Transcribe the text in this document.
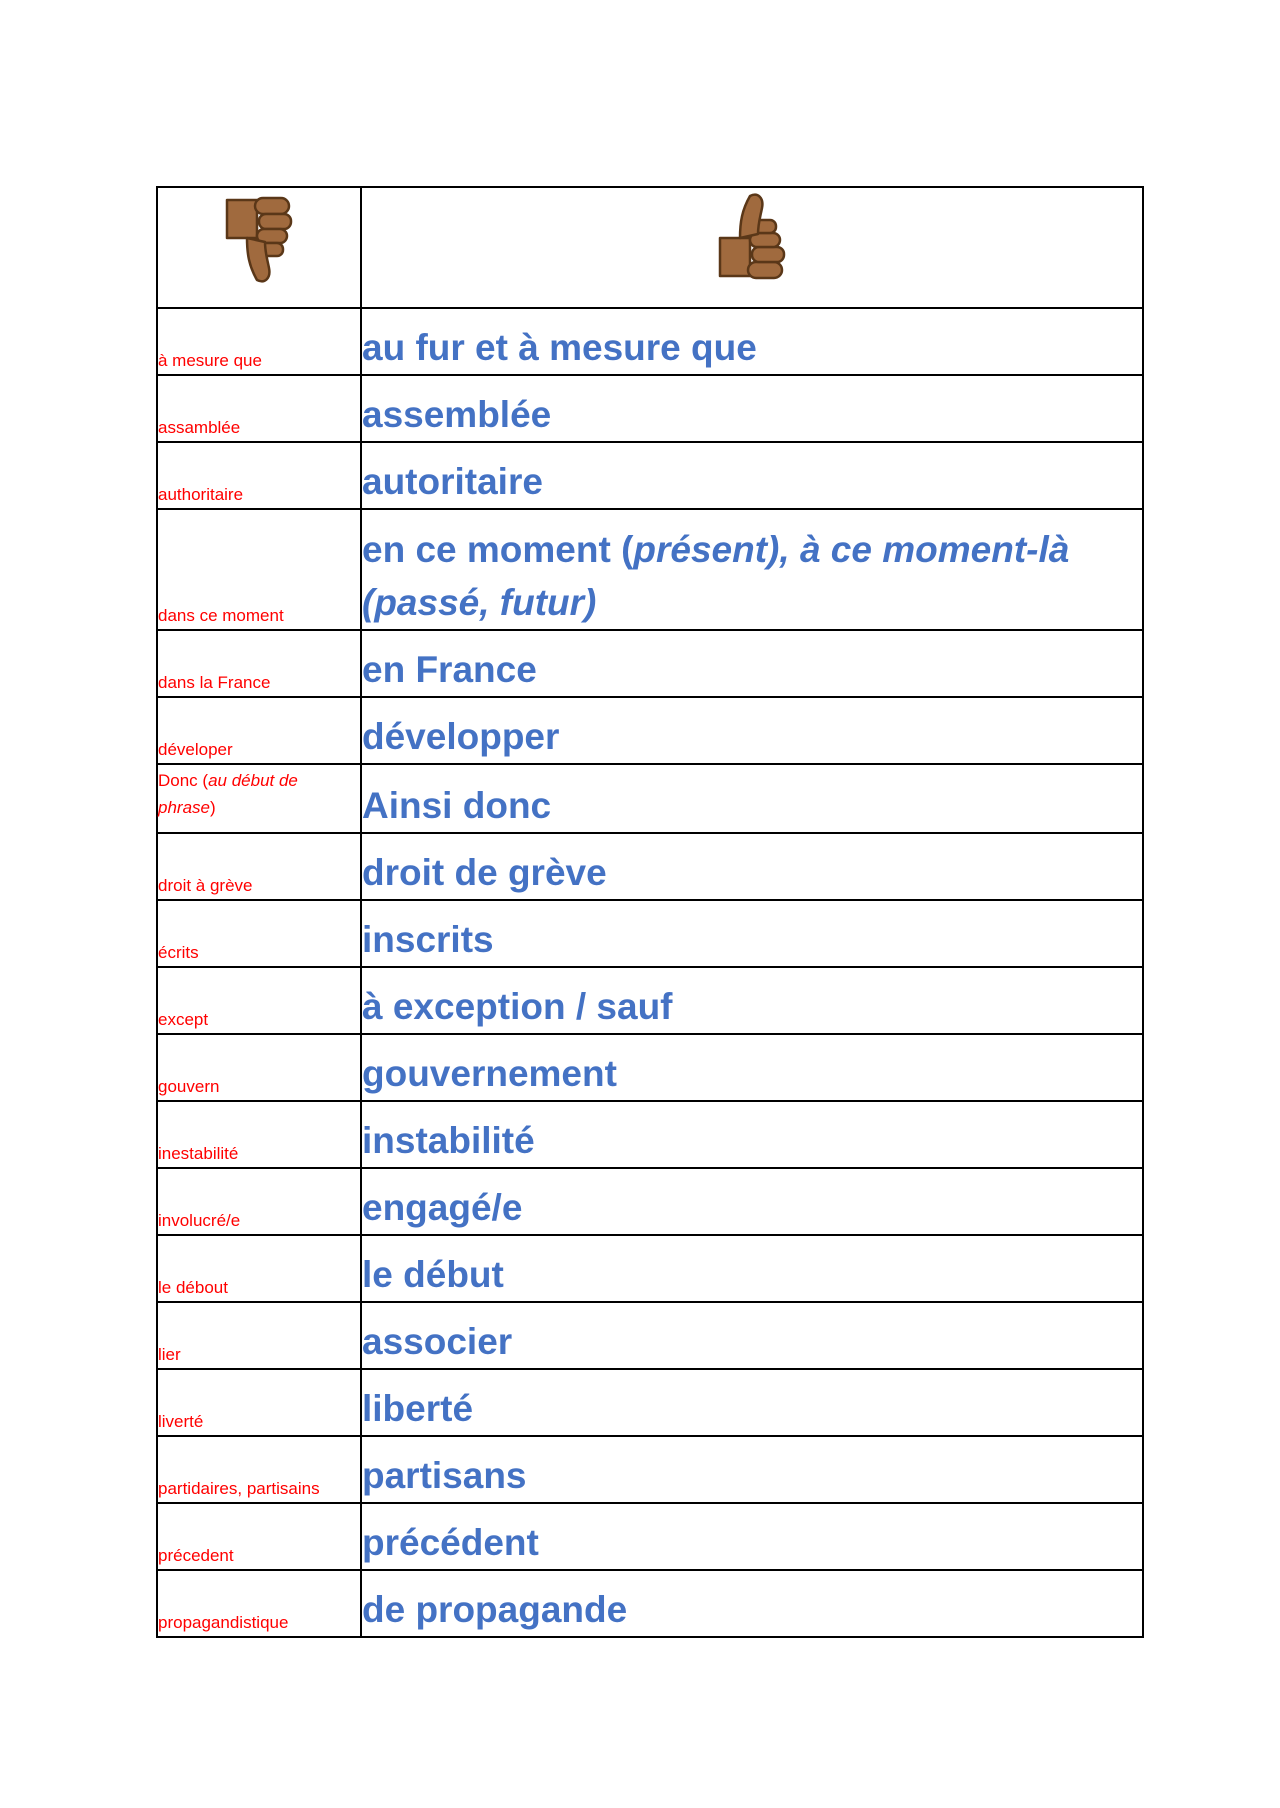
à mesure que	au fur et à mesure que
assamblée	assemblée
authoritaire	autoritaire
dans ce moment	en ce moment (présent), à ce moment-là
(passé, futur)
dans la France	en France
déveloper	développer
Donc (au début de
phrase)	Ainsi donc
droit à grève	droit de grève
écrits	inscrits
except	à exception / sauf
gouvern	gouvernement
inestabilité	instabilité
involucré/e	engagé/e
le débout	le début
lier	associer
liverté	liberté
partidaires, partisains	partisans
précedent	précédent
propagandistique	de propagande
